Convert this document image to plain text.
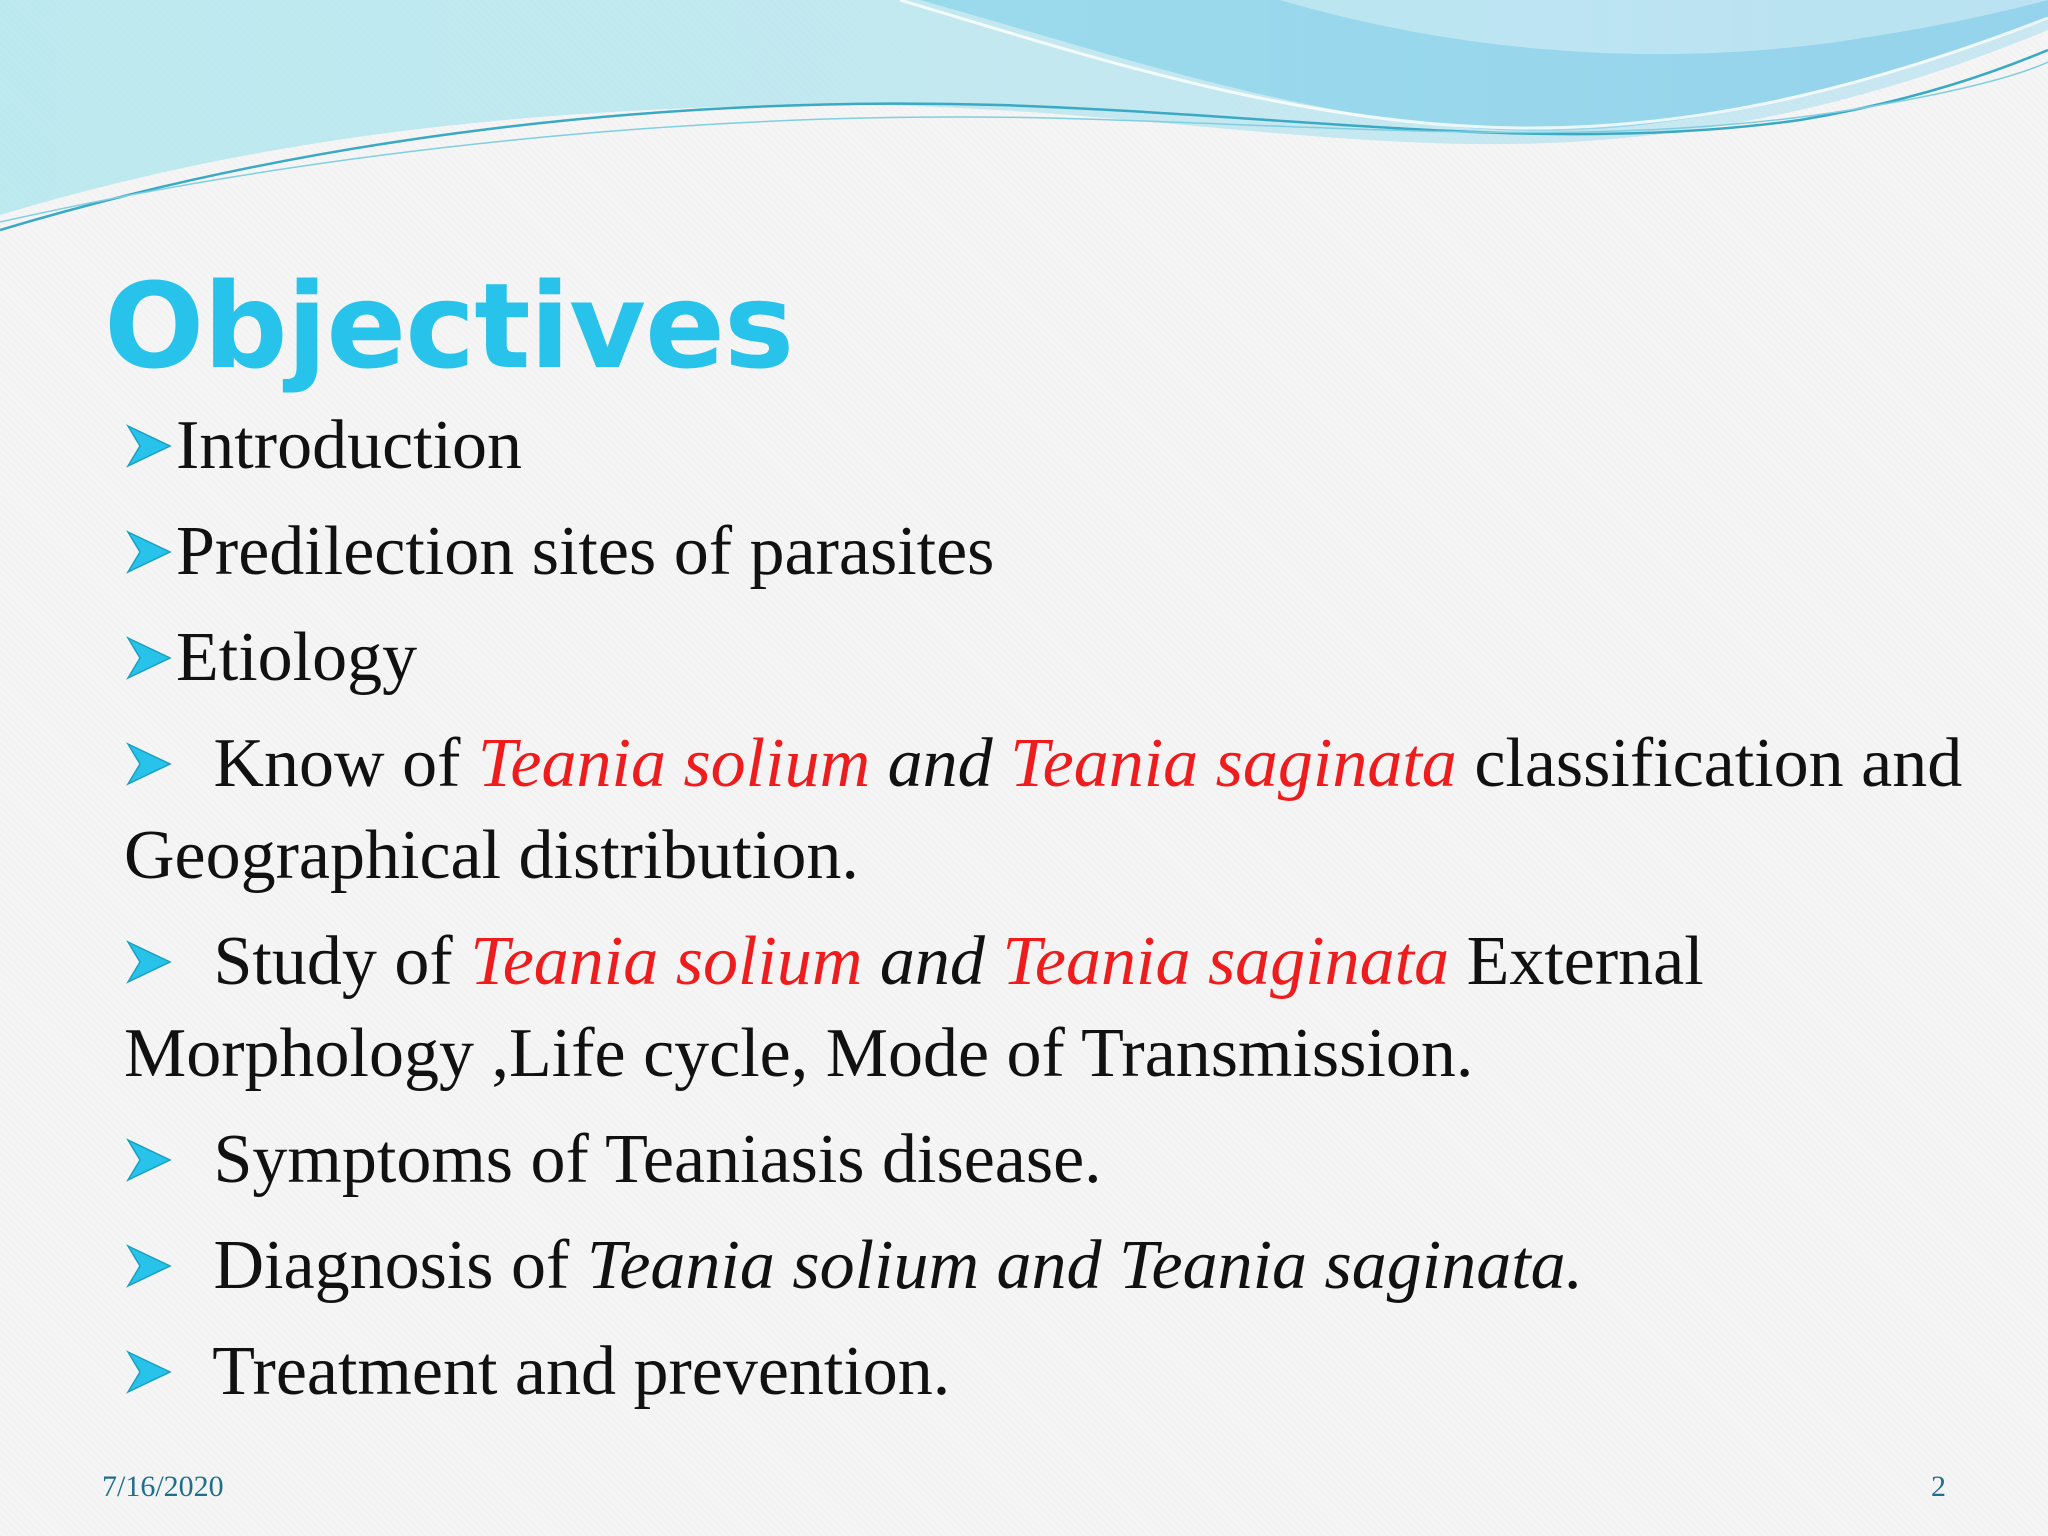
Objectives
Introduction
Predilection sites of parasites
Etiology
Know of Teania solium and Teania saginata classification and Geographical distribution.
Study of Teania solium and Teania saginata External Morphology ,Life cycle, Mode of Transmission.
Symptoms of Teaniasis disease.
Diagnosis of Teania solium and Teania saginata.
Treatment and prevention.
7/16/2020	2
